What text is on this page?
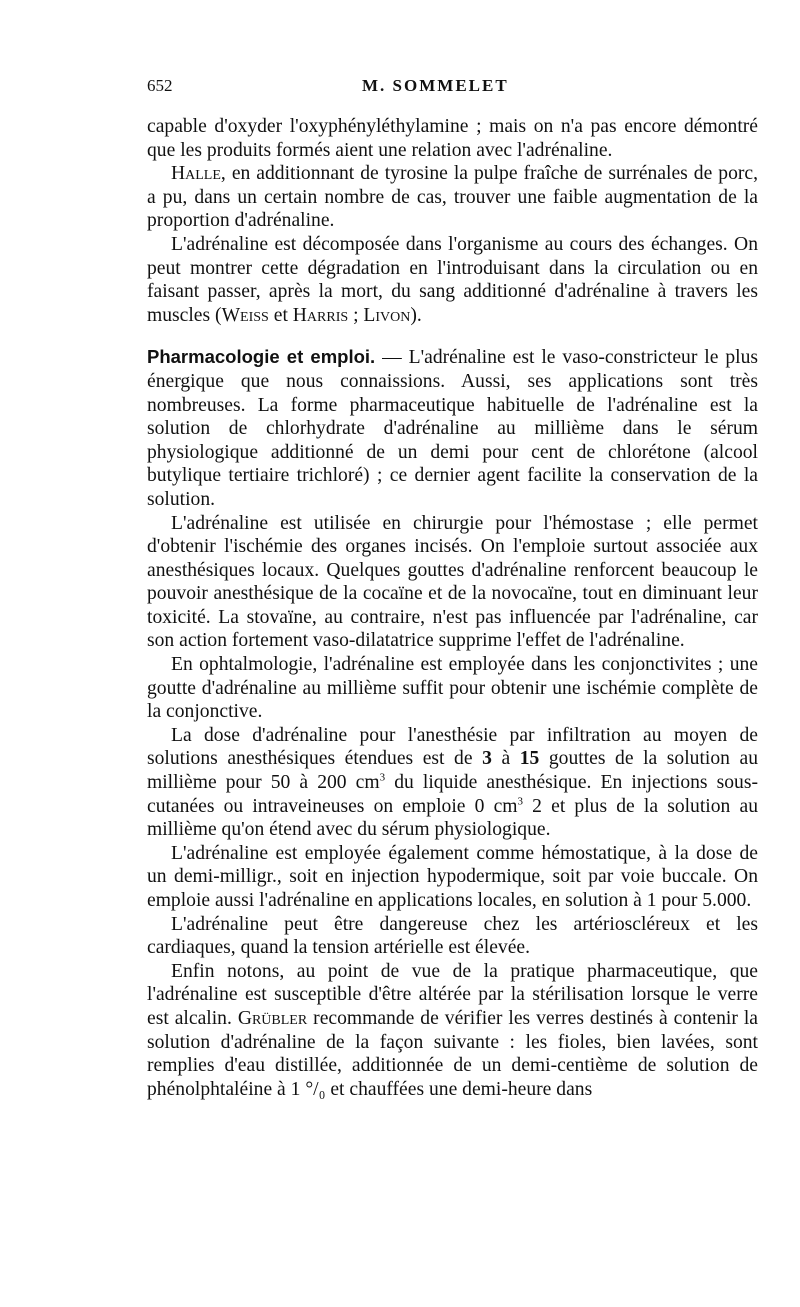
652	M. SOMMELET

capable d'oxyder l'oxyphényléthylamine ; mais on n'a pas encore démontré que les produits formés aient une relation avec l'adrénaline.

Halle, en additionnant de tyrosine la pulpe fraîche de surrénales de porc, a pu, dans un certain nombre de cas, trouver une faible augmentation de la proportion d'adrénaline.

L'adrénaline est décomposée dans l'organisme au cours des échanges. On peut montrer cette dégradation en l'introduisant dans la circulation ou en faisant passer, après la mort, du sang additionné d'adrénaline à travers les muscles (Weiss et Harris ; Livon).

Pharmacologie et emploi. — L'adrénaline est le vaso-constricteur le plus énergique que nous connaissions. Aussi, ses applications sont très nombreuses. La forme pharmaceutique habituelle de l'adrénaline est la solution de chlorhydrate d'adrénaline au millième dans le sérum physiologique additionné de un demi pour cent de chlorétone (alcool butylique tertiaire trichloré) ; ce dernier agent facilite la conservation de la solution.

L'adrénaline est utilisée en chirurgie pour l'hémostase ; elle permet d'obtenir l'ischémie des organes incisés. On l'emploie surtout associée aux anesthésiques locaux. Quelques gouttes d'adrénaline renforcent beaucoup le pouvoir anesthésique de la cocaïne et de la novocaïne, tout en diminuant leur toxicité. La stovaïne, au contraire, n'est pas influencée par l'adrénaline, car son action fortement vaso-dilatatrice supprime l'effet de l'adrénaline.

En ophtalmologie, l'adrénaline est employée dans les conjonctivites ; une goutte d'adrénaline au millième suffit pour obtenir une ischémie complète de la conjonctive.

La dose d'adrénaline pour l'anesthésie par infiltration au moyen de solutions anesthésiques étendues est de 3 à 15 gouttes de la solution au millième pour 50 à 200 $cm^3$ du liquide anesthésique. En injections sous-cutanées ou intraveineuses on emploie 0 $cm^3$ 2 et plus de la solution au millième qu'on étend avec du sérum physiologique.

L'adrénaline est employée également comme hémostatique, à la dose de un demi-milligr., soit en injection hypodermique, soit par voie buccale. On emploie aussi l'adrénaline en applications locales, en solution à 1 pour 5.000.

L'adrénaline peut être dangereuse chez les artérioscléreux et les cardiaques, quand la tension artérielle est élevée.

Enfin notons, au point de vue de la pratique pharmaceutique, que l'adrénaline est susceptible d'être altérée par la stérilisation lorsque le verre est alcalin. Grübler recommande de vérifier les verres destinés à contenir la solution d'adrénaline de la façon suivante : les fioles, bien lavées, sont remplies d'eau distillée, additionnée de un demi-centième de solution de phénolphtaléine à 1 °/₀ et chauffées une demi-heure dans
